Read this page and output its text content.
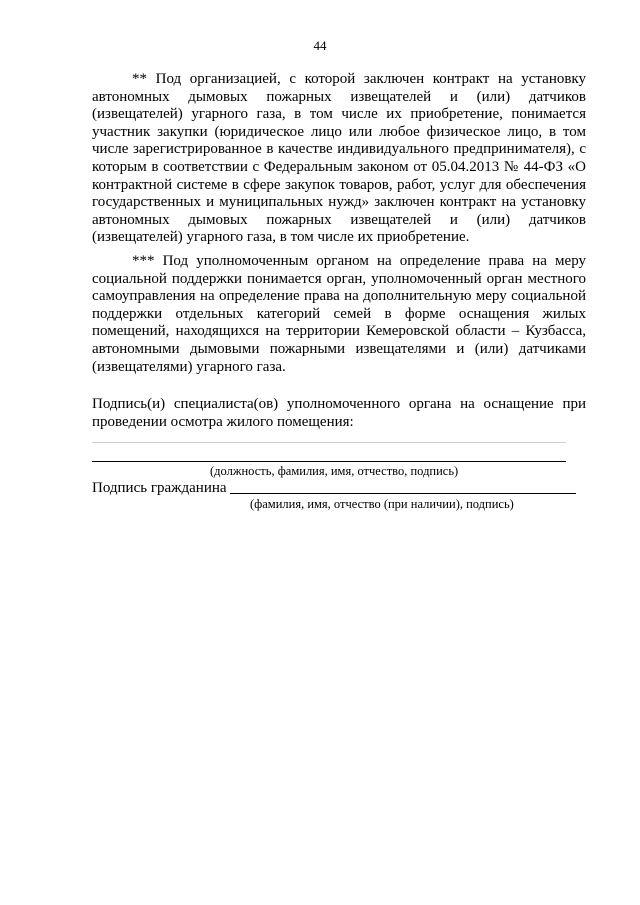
44

** Под организацией, с которой заключен контракт на установку автономных дымовых пожарных извещателей и (или) датчиков (извещателей) угарного газа, в том числе их приобретение, понимается участник закупки (юридическое лицо или любое физическое лицо, в том числе зарегистрированное в качестве индивидуального предпринимателя), с которым в соответствии с Федеральным законом от 05.04.2013 № 44-ФЗ «О контрактной системе в сфере закупок товаров, работ, услуг для обеспечения государственных и муниципальных нужд» заключен контракт на установку автономных дымовых пожарных извещателей и (или) датчиков (извещателей) угарного газа, в том числе их приобретение.

*** Под уполномоченным органом на определение права на меру социальной поддержки понимается орган, уполномоченный орган местного самоуправления на определение права на дополнительную меру социальной поддержки отдельных категорий семей в форме оснащения жилых помещений, находящихся на территории Кемеровской области – Кузбасса, автономными дымовыми пожарными извещателями и (или) датчиками (извещателями) угарного газа.

Подпись(и) специалиста(ов) уполномоченного органа на оснащение при проведении осмотра жилого помещения:

(должность, фамилия, имя, отчество, подпись)
Подпись гражданина
(фамилия, имя, отчество (при наличии), подпись)
